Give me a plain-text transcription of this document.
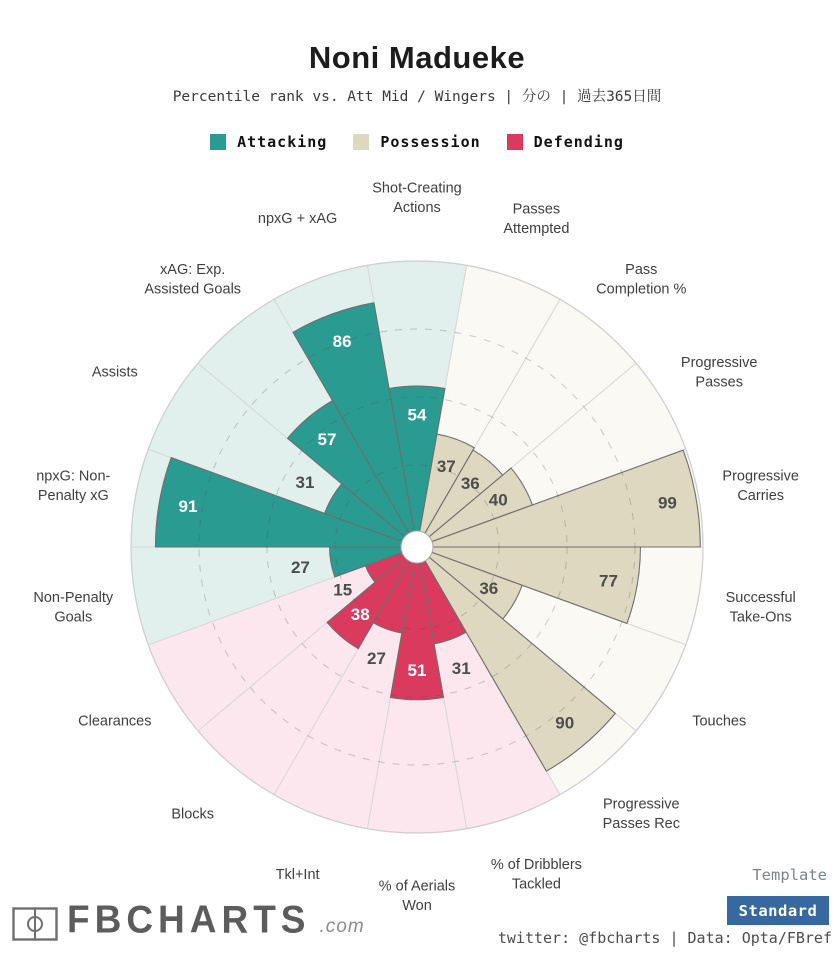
54
37
36
40	99
77
36
90
31
51
27
38
15
27
91
31
57
86
Shot-Creating Actions	Passes Attempted
Pass Completion %
Progressive Passes
Progressive Carries
Successful Take-Ons
Touches
Progressive Passes Rec
% of Dribblers Tackled
% of Aerials Won
Tkl+Int
Blocks
Clearances
Non-Penalty Goals
npxG: Non-Penalty xG
Assists
xAG: Exp. Assisted Goals
npxG + xAG
Noni Madueke
Percentile rank vs. Att Mid / Wingers | 分の | 過去365日間
Attacking	Possession	Defending
FBCHARTS .com
Template
Standard
twitter: @fbcharts | Data: Opta/FBref
